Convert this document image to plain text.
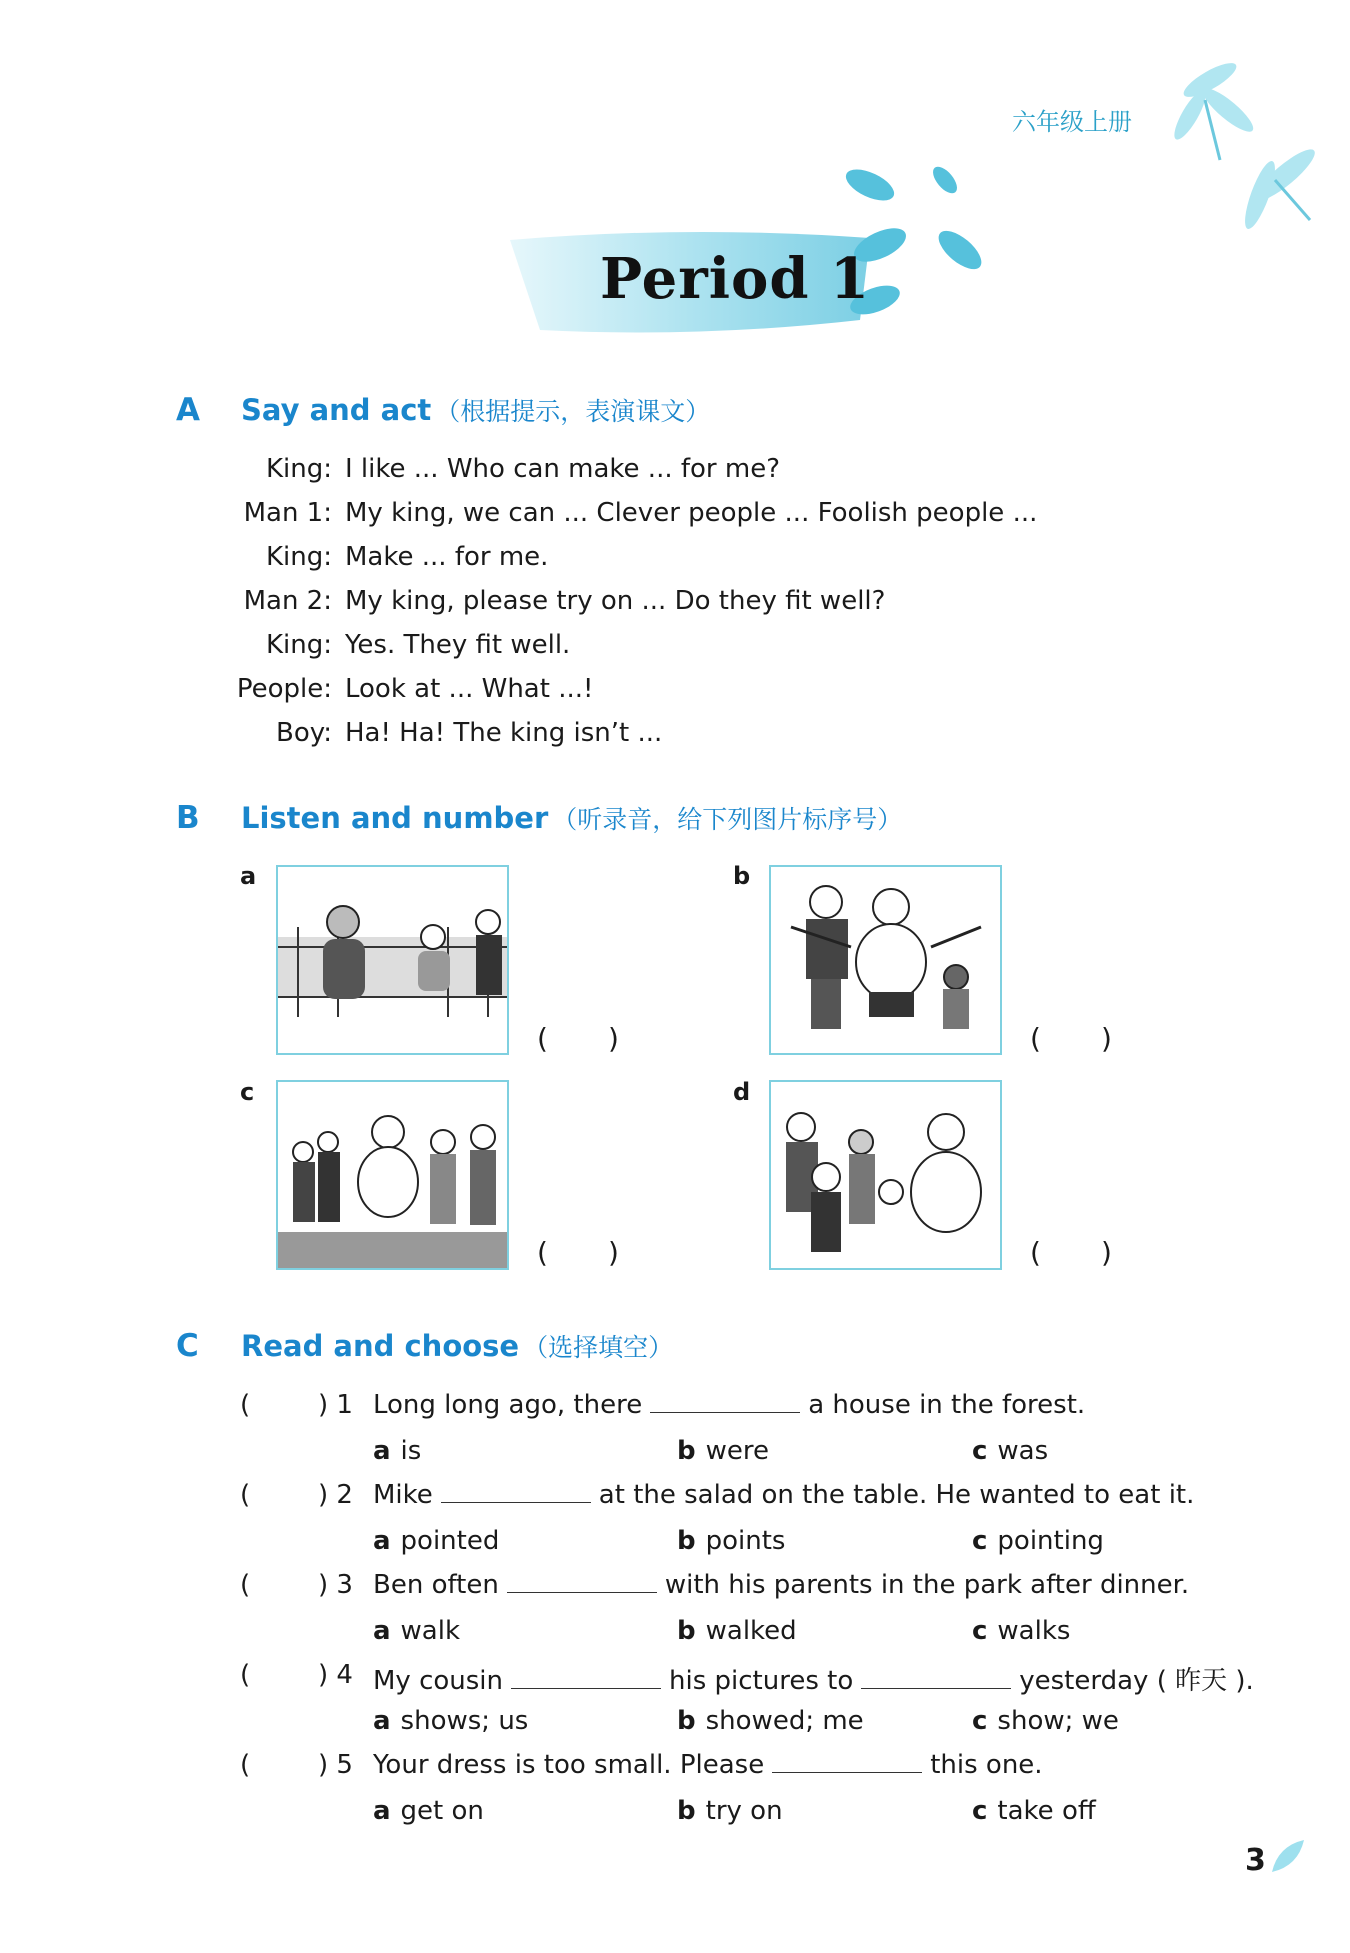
六年级上册
Period 1
A Say and act （根据提示，表演课文）
King: I like ... Who can make ... for me?
Man 1: My king, we can ... Clever people ... Foolish people ...
King: Make ... for me.
Man 2: My king, please try on ... Do they fit well?
King: Yes. They fit well.
People: Look at ... What ...!
Boy: Ha! Ha! The king isn’t ...
B Listen and number （听录音，给下列图片标序号）
a
( )
b
( )
c
( )
d
( )
C Read and choose （选择填空）
(	) 1 Long long ago, there	a house in the forest.
a is	b were	c was
(	) 2 Mike	at the salad on the table. He wanted to eat it.
a pointed	b points	c pointing
(	) 3 Ben often	with his parents in the park after dinner.
a walk	b walked	c walks
(	) 4 My cousin	his pictures to	yesterday ( 昨天 ).
a shows; us	b showed; me	c show; we
(	) 5 Your dress is too small. Please	this one.
a get on	b try on	c take off
3
